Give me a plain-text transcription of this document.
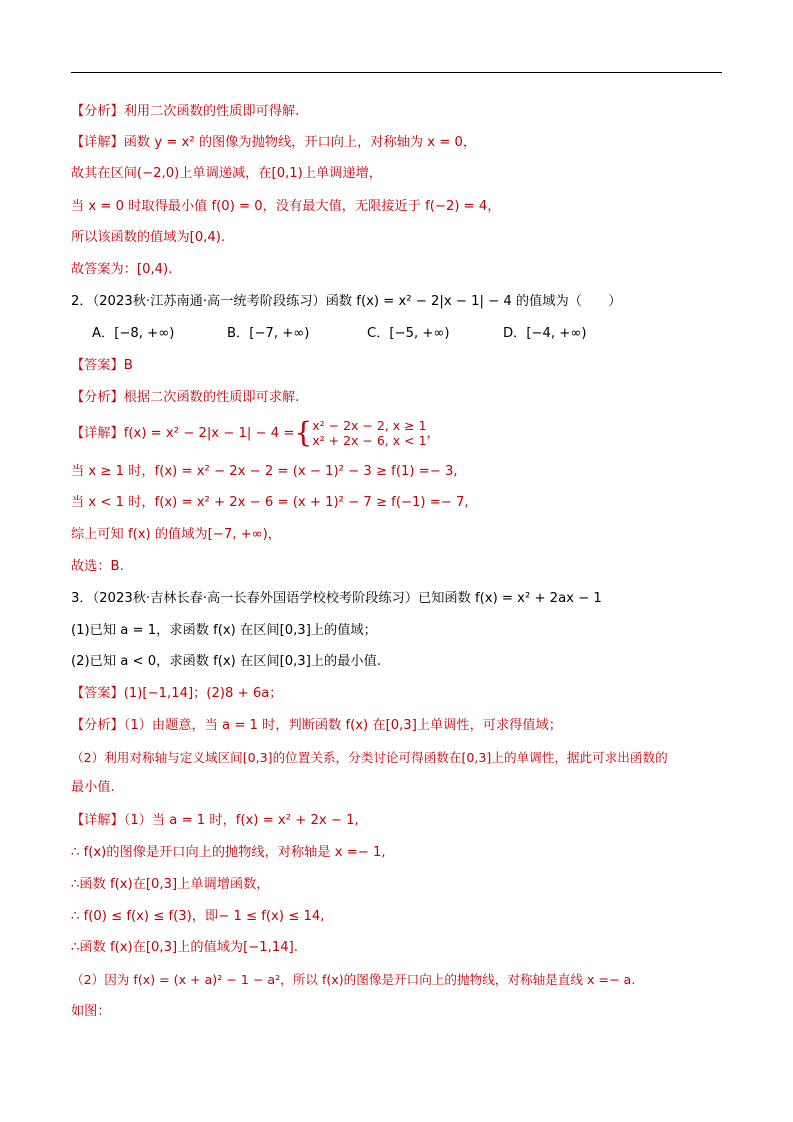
【分析】利用二次函数的性质即可得解.
【详解】函数 y = x² 的图像为抛物线，开口向上，对称轴为 x = 0，
故其在区间(−2,0)上单调递减，在[0,1)上单调递增，
当 x = 0 时取得最小值 f(0) = 0，没有最大值，无限接近于 f(−2) = 4，
所以该函数的值域为[0,4).
故答案为：[0,4).
2．（2023秋·江苏南通·高一统考阶段练习）函数 f(x) = x² − 2|x − 1| − 4 的值域为（　　）
A．[−8, +∞)	B．[−7, +∞)	C．[−5, +∞)	D．[−4, +∞)
【答案】B
【分析】根据二次函数的性质即可求解.
【详解】f(x) = x² − 2|x − 1| − 4 ={ x² − 2x − 2, x ≥ 1
x² + 2x − 6, x < 1 ，
当 x ≥ 1 时，f(x) = x² − 2x − 2 = (x − 1)² − 3 ≥ f(1) =− 3,
当 x < 1 时，f(x) = x² + 2x − 6 = (x + 1)² − 7 ≥ f(−1) =− 7,
综上可知 f(x) 的值域为[−7, +∞)，
故选：B.
3．（2023秋·吉林长春·高一长春外国语学校校考阶段练习）已知函数 f(x) = x² + 2ax − 1
(1)已知 a = 1，求函数 f(x) 在区间[0,3]上的值域；
(2)已知 a < 0，求函数 f(x) 在区间[0,3]上的最小值.
【答案】(1)[−1,14]；(2)8 + 6a；
【分析】（1）由题意，当 a = 1 时，判断函数 f(x) 在[0,3]上单调性，可求得值域；
（2）利用对称轴与定义域区间[0,3]的位置关系，分类讨论可得函数在[0,3]上的单调性，据此可求出函数的
最小值.
【详解】（1）当 a = 1 时，f(x) = x² + 2x − 1,
∴ f(x)的图像是开口向上的抛物线，对称轴是 x =− 1,
∴函数 f(x)在[0,3]上单调增函数，
∴ f(0) ≤ f(x) ≤ f(3)，即− 1 ≤ f(x) ≤ 14,
∴函数 f(x)在[0,3]上的值域为[−1,14].
（2）因为 f(x) = (x + a)² − 1 − a²，所以 f(x)的图像是开口向上的抛物线，对称轴是直线 x =− a.
如图：
